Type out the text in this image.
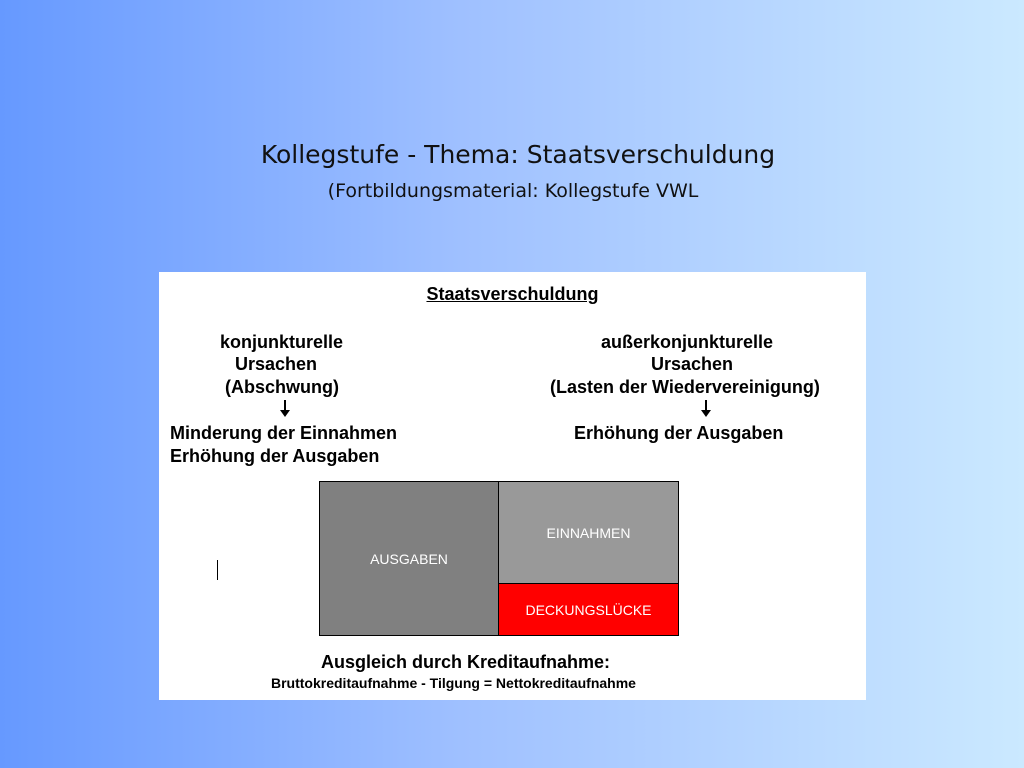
Kollegstufe - Thema: Staatsverschuldung
(Fortbildungsmaterial: Kollegstufe VWL
Staatsverschuldung
konjunkturelle
Ursachen
(Abschwung)
Minderung der Einnahmen
Erhöhung der Ausgaben
außerkonjunkturelle
Ursachen
(Lasten der Wiedervereinigung)
Erhöhung der Ausgaben
AUSGABEN
EINNAHMEN
DECKUNGSLÜCKE
Ausgleich durch Kreditaufnahme:
Bruttokreditaufnahme - Tilgung = Nettokreditaufnahme
